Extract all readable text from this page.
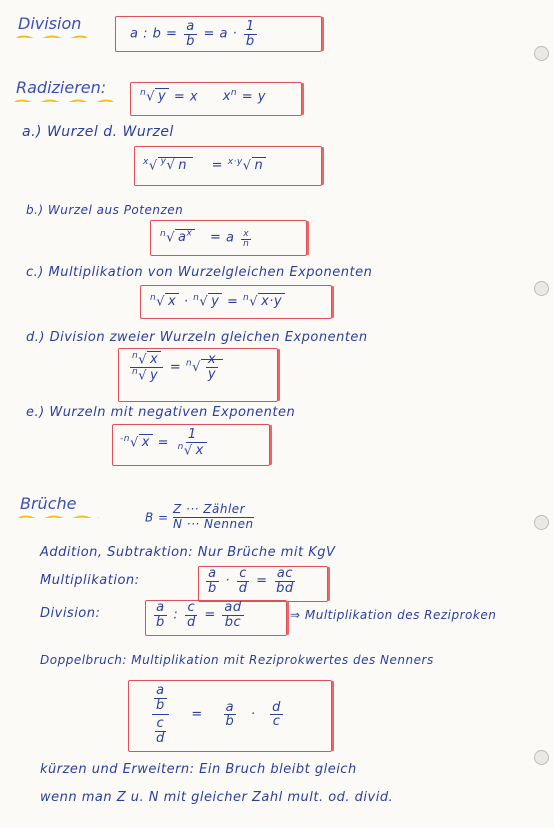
Division
a : $b = \frac{a}{b} = a \cdot \frac{1}{b}$
Radizieren:	$^n$√ y = x $x^n = y$
a.) Wurzel d. Wurzel
$^x$√ $^y$√ n = $^{x\cdot y}$√ n
b.) Wurzel aus Potenzen
$^n$√ $a^x = a \frac{x}{n}$
c.) Multiplikation von Wurzelgleichen Exponenten
$^n$√ x · $^n$√ y = $^n$√ x·y
d.) Division zweier Wurzeln gleichen Exponenten
$\frac{^n√ x}{^n√ y} = ^n√ \frac{x}{y}$
e.) Wurzeln mit negativen Exponenten
$^{-n}$√ $x = \frac{1}{^n√ x}$
Brüche
B =
Z ··· Zähler
N ··· Nennen
Addition, Subtraktion: Nur Brüche mit KgV
Multiplikation:	$\frac{a}{b} \cdot \frac{c}{d} = \frac{ac}{bd}$
Division:	$\frac{a}{b}$ : $\frac{c}{d} = \frac{ad}{bc}$	⇒ Multiplikation des Reziproken
Doppelbruch: Multiplikation mit Reziprokwertes des Nenners
$\frac{\frac{a}{b}}{\frac{c}{d}} = \frac{a}{b} \cdot \frac{d}{c}$
kürzen und Erweitern: Ein Bruch bleibt gleich
wenn man Z u. N mit gleicher Zahl mult. od. divid.
